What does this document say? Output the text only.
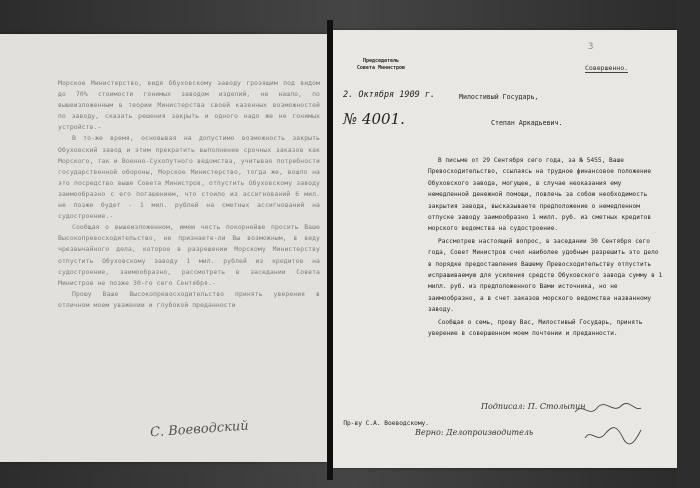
Морское Министерство, видя Обуховскому заводу грозящим под видом до 70% стоимости гонимых заводом изделий, не нашло, по вышеизложенным в теории Министерства своей казенных возможностей по заводу, сказать решения закрыть и одного надо же не гонимых устройств.-

В то-же время, основывая на допустимо возможность закрыть Обуховский завод и этим прекратить выполнение срочных заказов как Морского, так и Военно-Сухопутного ведомства, учитывая потребности государственной обороны, Морское Министерство, тогда же, вошло на это посредство выше Совета Министров, отпустить Обуховскому заводу заимообразно с его погашением, что стоило из ассигнований 6 мил. не позже будет - 1 мил. рублей на сметных ассигнований на судостроение.-

Сообщая о вышеизложенном, имею честь покорнейше просить Ваше Высокопревосходительство, не признаете-ли Вы возможным, в виду чрезвычайного дела, которое в разрешении Морскому Министерству отпустить Обуховскому заводу 1 мил. рублей из кредитов на судостроение, заимообразно, рассмотреть в заседании Совета Министров не позже 30-го сего Сентября.-

Прошу Ваше Высокопревосходительство принять уверения в отличном моем уважении и глубокой преданности

С. Воеводский
3
Совершенно.
Председатель
Совета Министров
2. Октября 1909 г.
№ 4001.
Милостивый Государь,
Степан Аркадьевич.

В письме от 29 Сентября сего года, за № 5455, Ваше Превосходительство, ссылаясь на трудное финансовое положение Обуховского завода, могущее, в случае неоказания ему немедленной денежной помощи, повлечь за собою необходимость закрытия завода, высказываете предположение о немедленном отпуске заводу заимообразно 1 милл. руб. из сметных кредитов морского ведомства на судостроение.

Рассмотрев настоящий вопрос, в заседании 30 Сентября сего года, Совет Министров счел наиболее удобным разрешить это дело в порядке предоставления Вашему Превосходительству отпустить испрашиваемую для усиления средств Обуховского завода сумму в 1 милл. руб. из предположенного Вами источника, но не заимообразно, а в счет заказов морского ведомства названному заводу.

Сообщая о семь, прошу Вас, Милостивый Государь, принять уверение в совершенном моем почтении и преданности.

Пр-ву С.А. Воеводскому.
Подписал: П. Столыпин
Верно: Делопроизводитель
